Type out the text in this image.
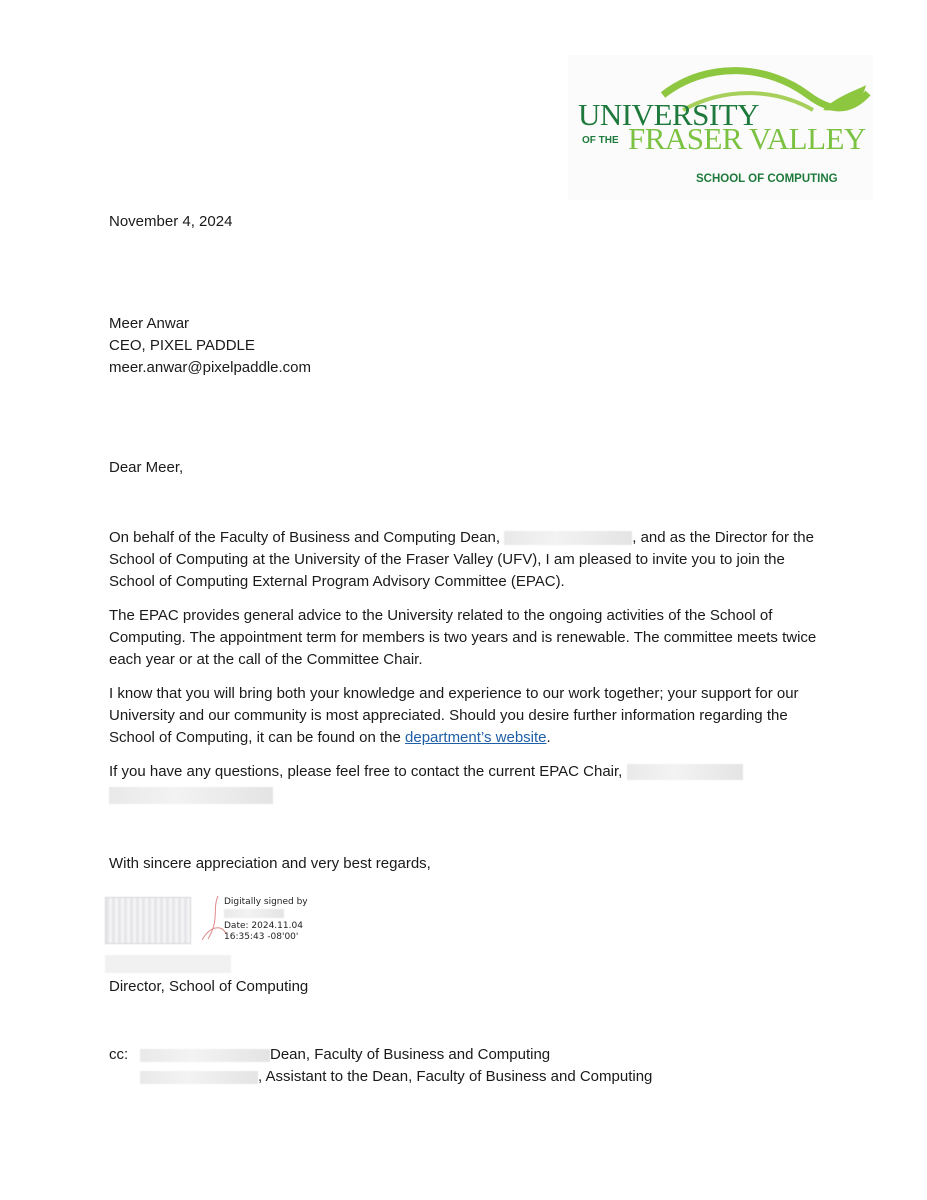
UNIVERSITY
OF THE FRASER VALLEY
SCHOOL OF COMPUTING
November 4, 2024
Meer Anwar
CEO, PIXEL PADDLE
meer.anwar@pixelpaddle.com
Dear Meer,
On behalf of the Faculty of Business and Computing Dean,	, and as the Director for the School of Computing at the University of the Fraser Valley (UFV), I am pleased to invite you to join the School of Computing External Program Advisory Committee (EPAC).
The EPAC provides general advice to the University related to the ongoing activities of the School of Computing. The appointment term for members is two years and is renewable. The committee meets twice each year or at the call of the Committee Chair.
I know that you will bring both your knowledge and experience to our work together; your support for our University and our community is most appreciated. Should you desire further information regarding the School of Computing, it can be found on the department’s website.
If you have any questions, please feel free to contact the current EPAC Chair,

With sincere appreciation and very best regards,
Digitally signed by
Date: 2024.11.04
16:35:43 -08'00'
Director, School of Computing
cc:	Dean, Faculty of Business and Computing
, Assistant to the Dean, Faculty of Business and Computing
